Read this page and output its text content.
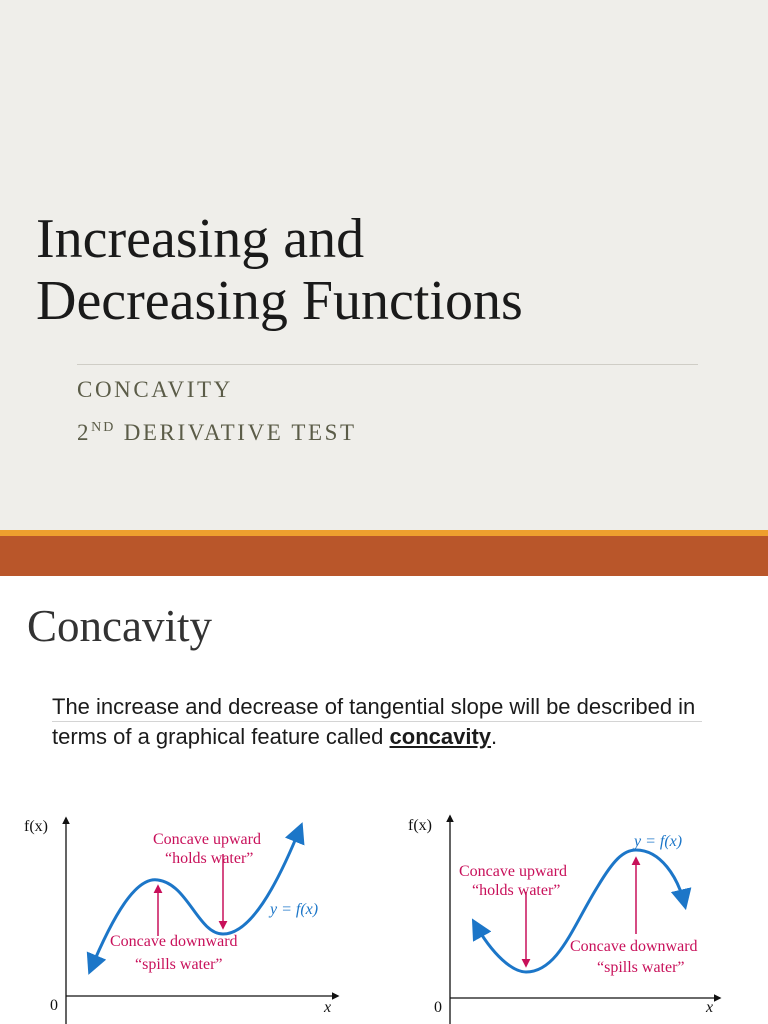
Increasing and
Decreasing Functions

CONCAVITY

2ND DERIVATIVE TEST

Concavity

The increase and decrease of tangential slope will be described in terms of a graphical feature called concavity.

f(x)
x
0
Concave upward
“holds water”
y = f(x)
Concave downward
“spills water”
f(x)
x
0
y = f(x)
Concave upward
“holds water”
Concave downward
“spills water”
